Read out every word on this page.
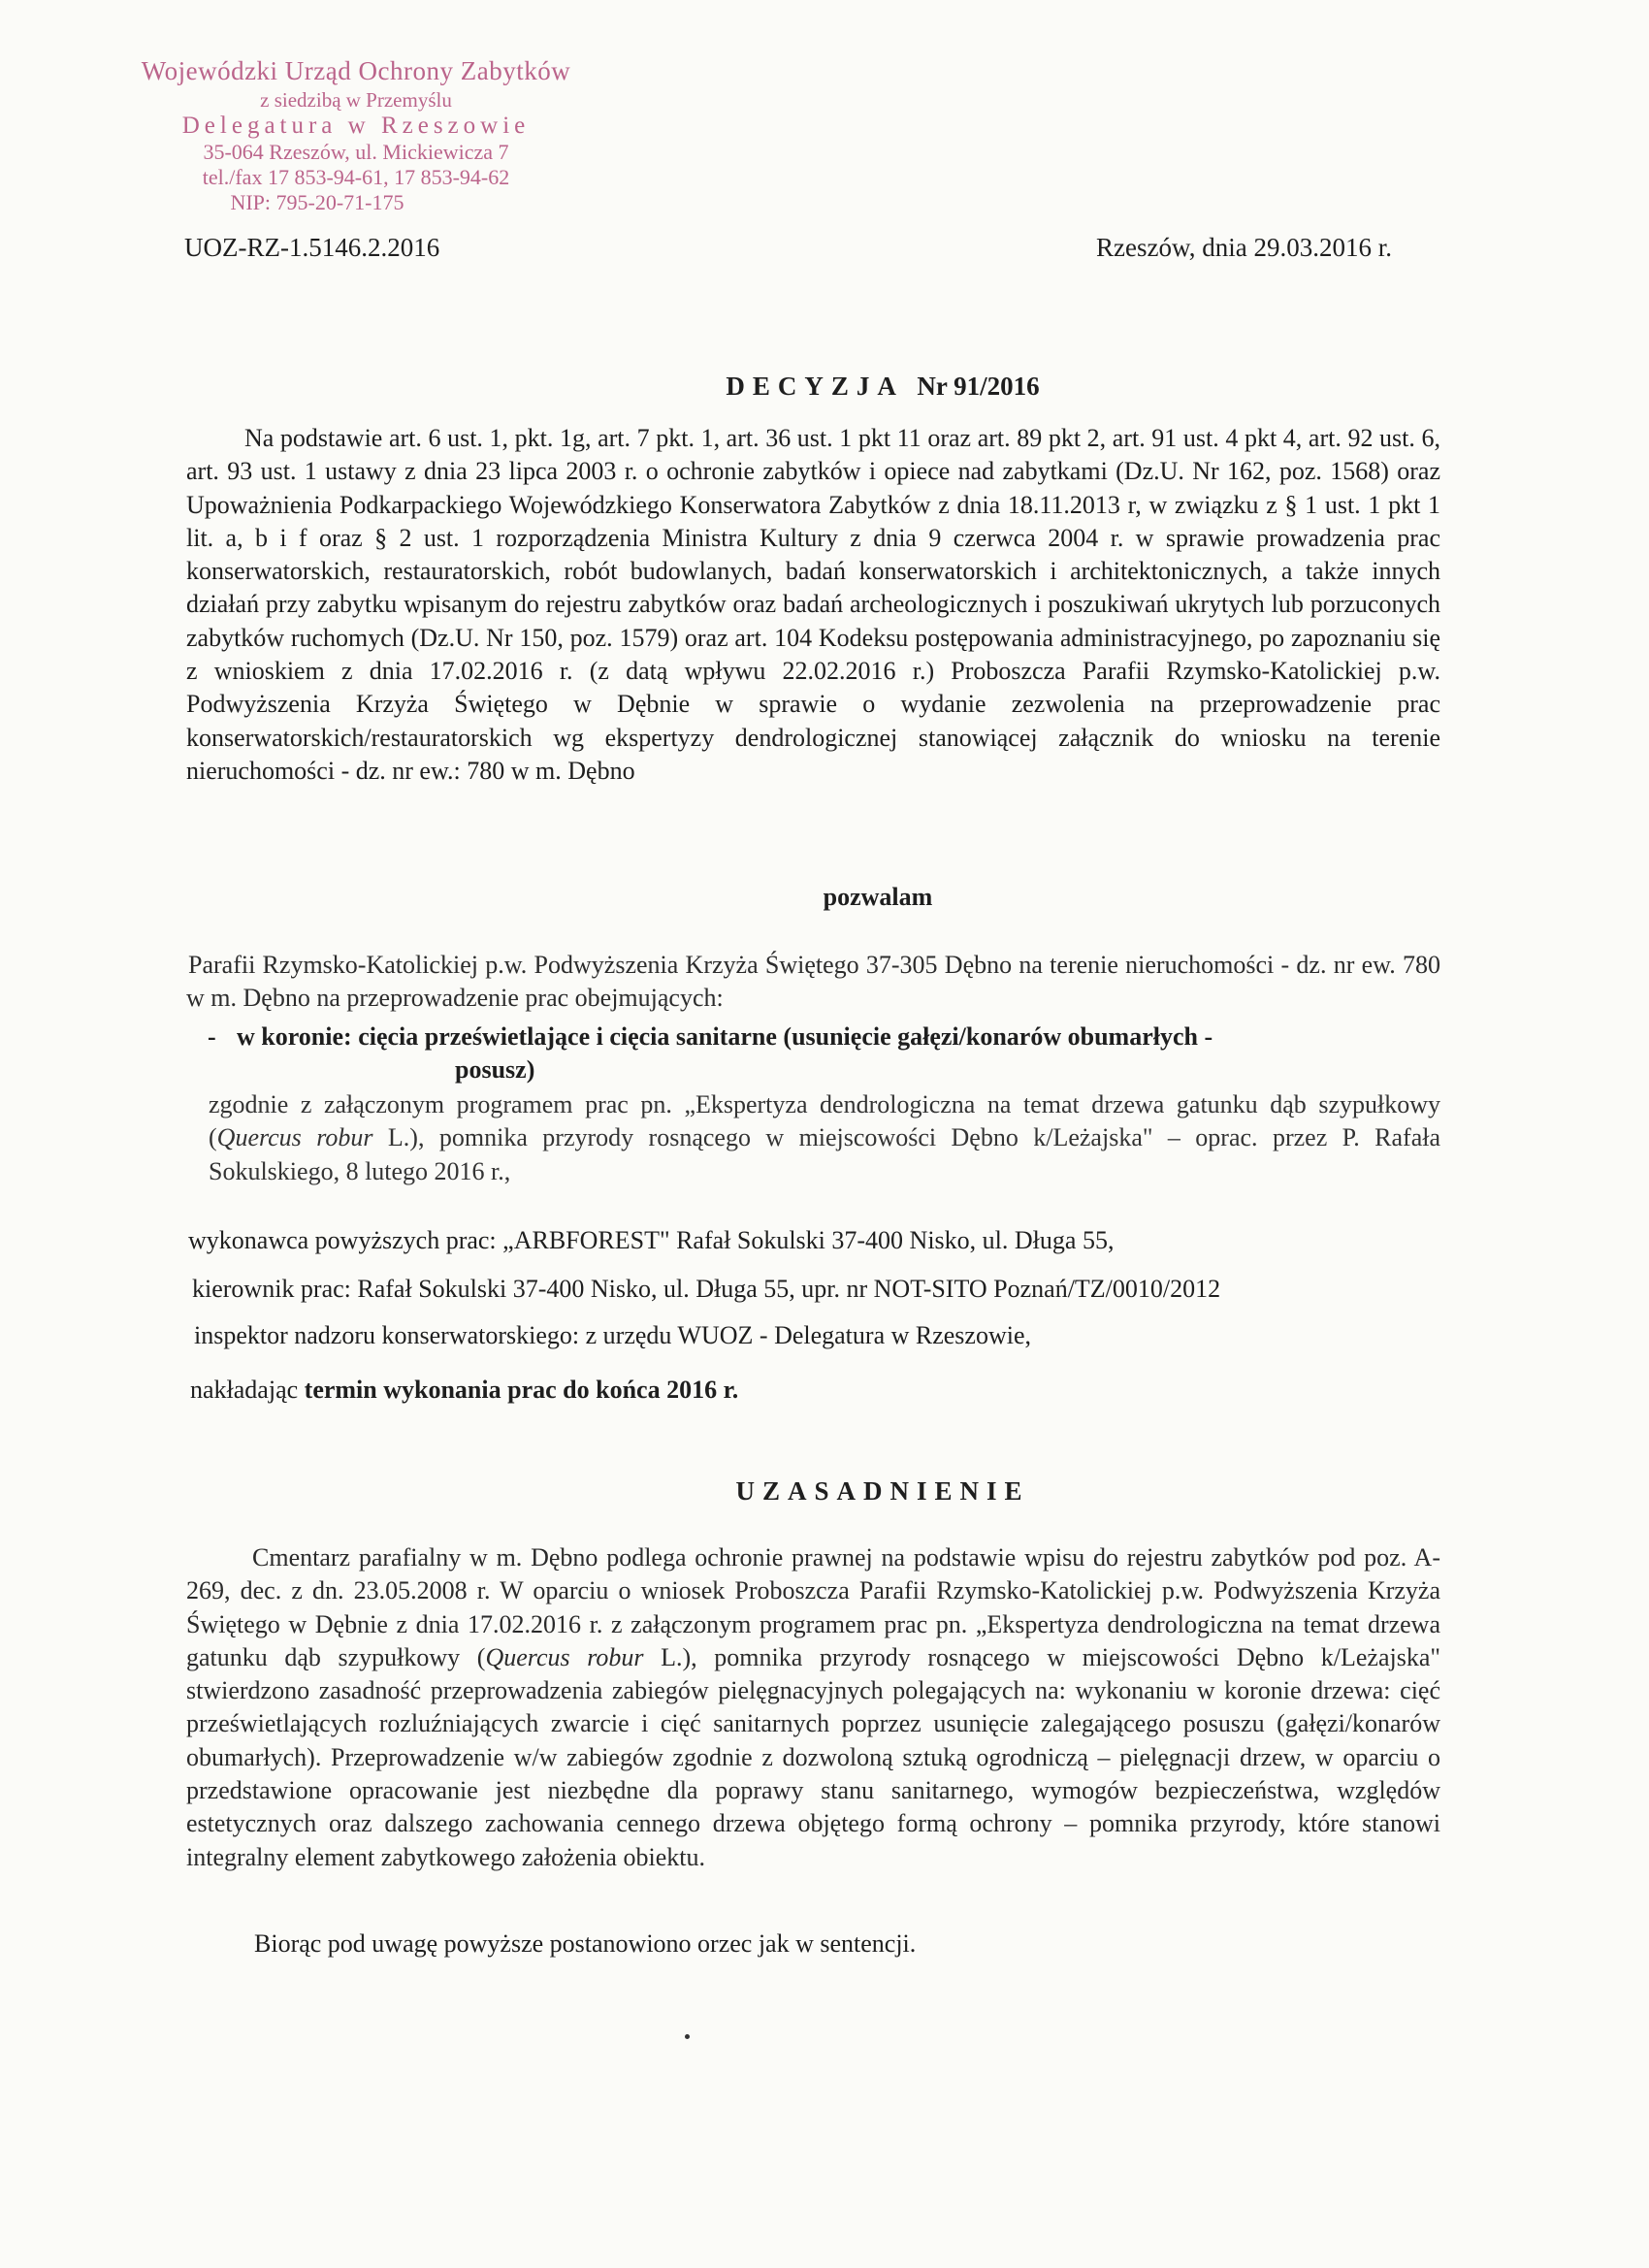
Wojewódzki Urząd Ochrony Zabytków
z siedzibą w Przemyślu
Delegatura w Rzeszowie
35-064 Rzeszów, ul. Mickiewicza 7
tel./fax 17 853-94-61, 17 853-94-62
NIP: 795-20-71-175
UOZ-RZ-1.5146.2.2016	Rzeszów, dnia 29.03.2016 r.
DECYZJA Nr 91/2016
Na podstawie art. 6 ust. 1, pkt. 1g, art. 7 pkt. 1, art. 36 ust. 1 pkt 11 oraz art. 89 pkt 2, art. 91 ust. 4 pkt 4, art. 92 ust. 6, art. 93 ust. 1 ustawy z dnia 23 lipca 2003 r. o ochronie zabytków i opiece nad zabytkami (Dz.U. Nr 162, poz. 1568) oraz Upoważnienia Podkarpackiego Wojewódzkiego Konserwatora Zabytków z dnia 18.11.2013 r, w związku z § 1 ust. 1 pkt 1 lit. a, b i f oraz § 2 ust. 1 rozporządzenia Ministra Kultury z dnia 9 czerwca 2004 r. w sprawie prowadzenia prac konserwatorskich, restauratorskich, robót budowlanych, badań konserwatorskich i architektonicznych, a także innych działań przy zabytku wpisanym do rejestru zabytków oraz badań archeologicznych i poszukiwań ukrytych lub porzuconych zabytków ruchomych (Dz.U. Nr 150, poz. 1579) oraz art. 104 Kodeksu postępowania administracyjnego, po zapoznaniu się z wnioskiem z dnia 17.02.2016 r. (z datą wpływu 22.02.2016 r.) Proboszcza Parafii Rzymsko-Katolickiej p.w. Podwyższenia Krzyża Świętego w Dębnie w sprawie o wydanie zezwolenia na przeprowadzenie prac konserwatorskich/restauratorskich wg ekspertyzy dendrologicznej stanowiącej załącznik do wniosku na terenie nieruchomości - dz. nr ew.: 780 w m. Dębno
pozwalam
Parafii Rzymsko-Katolickiej p.w. Podwyższenia Krzyża Świętego 37-305 Dębno na terenie nieruchomości - dz. nr ew. 780 w m. Dębno na przeprowadzenie prac obejmujących:
- w koronie: cięcia prześwietlające i cięcia sanitarne (usunięcie gałęzi/konarów obumarłych -
posusz)
zgodnie z załączonym programem prac pn. „Ekspertyza dendrologiczna na temat drzewa gatunku dąb szypułkowy (Quercus robur L.), pomnika przyrody rosnącego w miejscowości Dębno k/Leżajska" – oprac. przez P. Rafała Sokulskiego, 8 lutego 2016 r.,
wykonawca powyższych prac: „ARBFOREST" Rafał Sokulski 37-400 Nisko, ul. Długa 55,
kierownik prac: Rafał Sokulski 37-400 Nisko, ul. Długa 55, upr. nr NOT-SITO Poznań/TZ/0010/2012
inspektor nadzoru konserwatorskiego: z urzędu WUOZ - Delegatura w Rzeszowie,
nakładając termin wykonania prac do końca 2016 r.
UZASADNIENIE
Cmentarz parafialny w m. Dębno podlega ochronie prawnej na podstawie wpisu do rejestru zabytków pod poz. A-269, dec. z dn. 23.05.2008 r. W oparciu o wniosek Proboszcza Parafii Rzymsko-Katolickiej p.w. Podwyższenia Krzyża Świętego w Dębnie z dnia 17.02.2016 r. z załączonym programem prac pn. „Ekspertyza dendrologiczna na temat drzewa gatunku dąb szypułkowy (Quercus robur L.), pomnika przyrody rosnącego w miejscowości Dębno k/Leżajska" stwierdzono zasadność przeprowadzenia zabiegów pielęgnacyjnych polegających na: wykonaniu w koronie drzewa: cięć prześwietlających rozluźniających zwarcie i cięć sanitarnych poprzez usunięcie zalegającego posuszu (gałęzi/konarów obumarłych). Przeprowadzenie w/w zabiegów zgodnie z dozwoloną sztuką ogrodniczą – pielęgnacji drzew, w oparciu o przedstawione opracowanie jest niezbędne dla poprawy stanu sanitarnego, wymogów bezpieczeństwa, względów estetycznych oraz dalszego zachowania cennego drzewa objętego formą ochrony – pomnika przyrody, które stanowi integralny element zabytkowego założenia obiektu.
Biorąc pod uwagę powyższe postanowiono orzec jak w sentencji.
